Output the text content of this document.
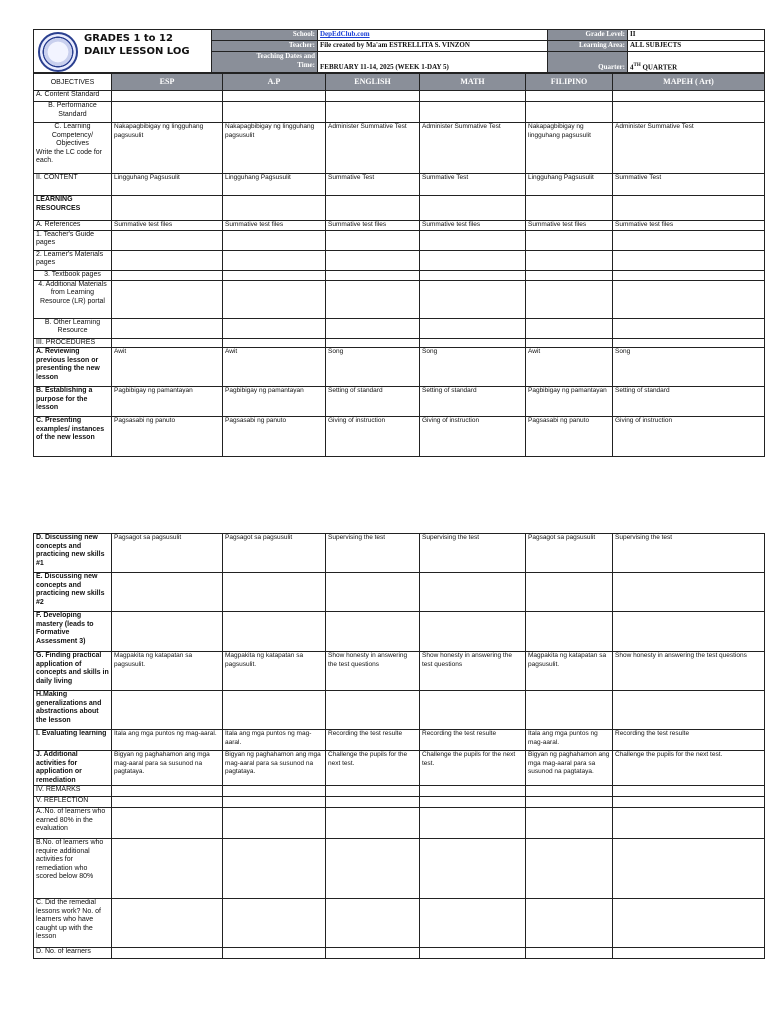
GRADES 1 to 12
DAILY LESSON LOG	School:	DepEdClub.com	Grade Level:	II
	Teacher:	File created by Ma'am ESTRELLITA S. VINZON	Learning Area:	ALL SUBJECTS

	Teaching Dates and
Time:	FEBRUARY 11-14, 2025 (WEEK 1-DAY 5)	Quarter:	4TH QUARTER

OBJECTIVES	ESP	A.P	ENGLISH	MATH	FILIPINO	MAPEH ( Art)

A. Content Standard						

B. Performance Standard						

C. Learning Competency/ Objectives
Write the LC code for each.	Nakapagbibigay ng lingguhang pagsusulit	Nakapagbibigay ng lingguhang pagsusulit	Administer Summative Test	Administer Summative Test	Nakapagbibigay ng lingguhang pagsusulit	Administer Summative Test

II. CONTENT	Lingguhang Pagsusulit	Lingguhang Pagsusulit	Summative Test	Summative Test	Lingguhang Pagsusulit	Summative Test

LEARNING RESOURCES						

A. References	Summative test files	Summative test files	Summative test files	Summative test files	Summative test files	Summative test files

1. Teacher's Guide pages						

2. Learner's Materials pages						

3. Textbook pages						

4. Additional Materials from Learning Resource (LR) portal						

B. Other Learning Resource						

III. PROCEDURES						

A. Reviewing previous lesson or presenting the new lesson	Awit	Awit	Song	Song	Awit	Song

B. Establishing a purpose for the lesson	Pagbibigay ng pamantayan	Pagbibigay ng pamantayan	Setting of standard	Setting of standard	Pagbibigay ng pamantayan	Setting of standard

C. Presenting examples/ instances of the new lesson	Pagsasabi ng panuto	Pagsasabi ng panuto	Giving of instruction	Giving of instruction	Pagsasabi ng panuto	Giving of instruction
D. Discussing new concepts and practicing new skills #1	Pagsagot sa pagsusulit	Pagsagot sa pagsusulit	Supervising the test	Supervising the test	Pagsagot sa pagsusulit	Supervising the test

E. Discussing new concepts and practicing new skills #2						

F. Developing mastery (leads to Formative Assessment 3)						

G. Finding practical application of concepts and skills in daily living	Magpakita ng katapatan sa pagsusulit.	Magpakita ng katapatan sa pagsusulit.	Show honesty in answering the test questions	Show honesty in answering the test questions	Magpakita ng katapatan sa pagsusulit.	Show honesty in answering the test questions

H.Making generalizations and abstractions about the lesson						

I. Evaluating learning	Itala ang mga puntos ng mag-aaral.	Itala ang mga puntos ng mag-aaral.	Recording the test resulte	Recording the test resulte	Itala ang mga puntos ng mag-aaral.	Recording the test resulte

J. Additional activities for application or remediation	Bigyan ng paghahamon ang mga mag-aaral para sa susunod na pagtataya.	Bigyan ng paghahamon ang mga mag-aaral para sa susunod na pagtataya.	Challenge the pupils for the next test.	Challenge the pupils for the next test.	Bigyan ng paghahamon ang mga mag-aaral para sa susunod na pagtataya.	Challenge the pupils for the next test.

IV. REMARKS						

V. REFLECTION						

A..No. of learners who earned 80% in the evaluation						

B.No. of learners who require additional activities for remediation who scored below 80%						

C. Did the remedial lessons work? No. of learners who have caught up with the lesson						

D. No. of learners						
